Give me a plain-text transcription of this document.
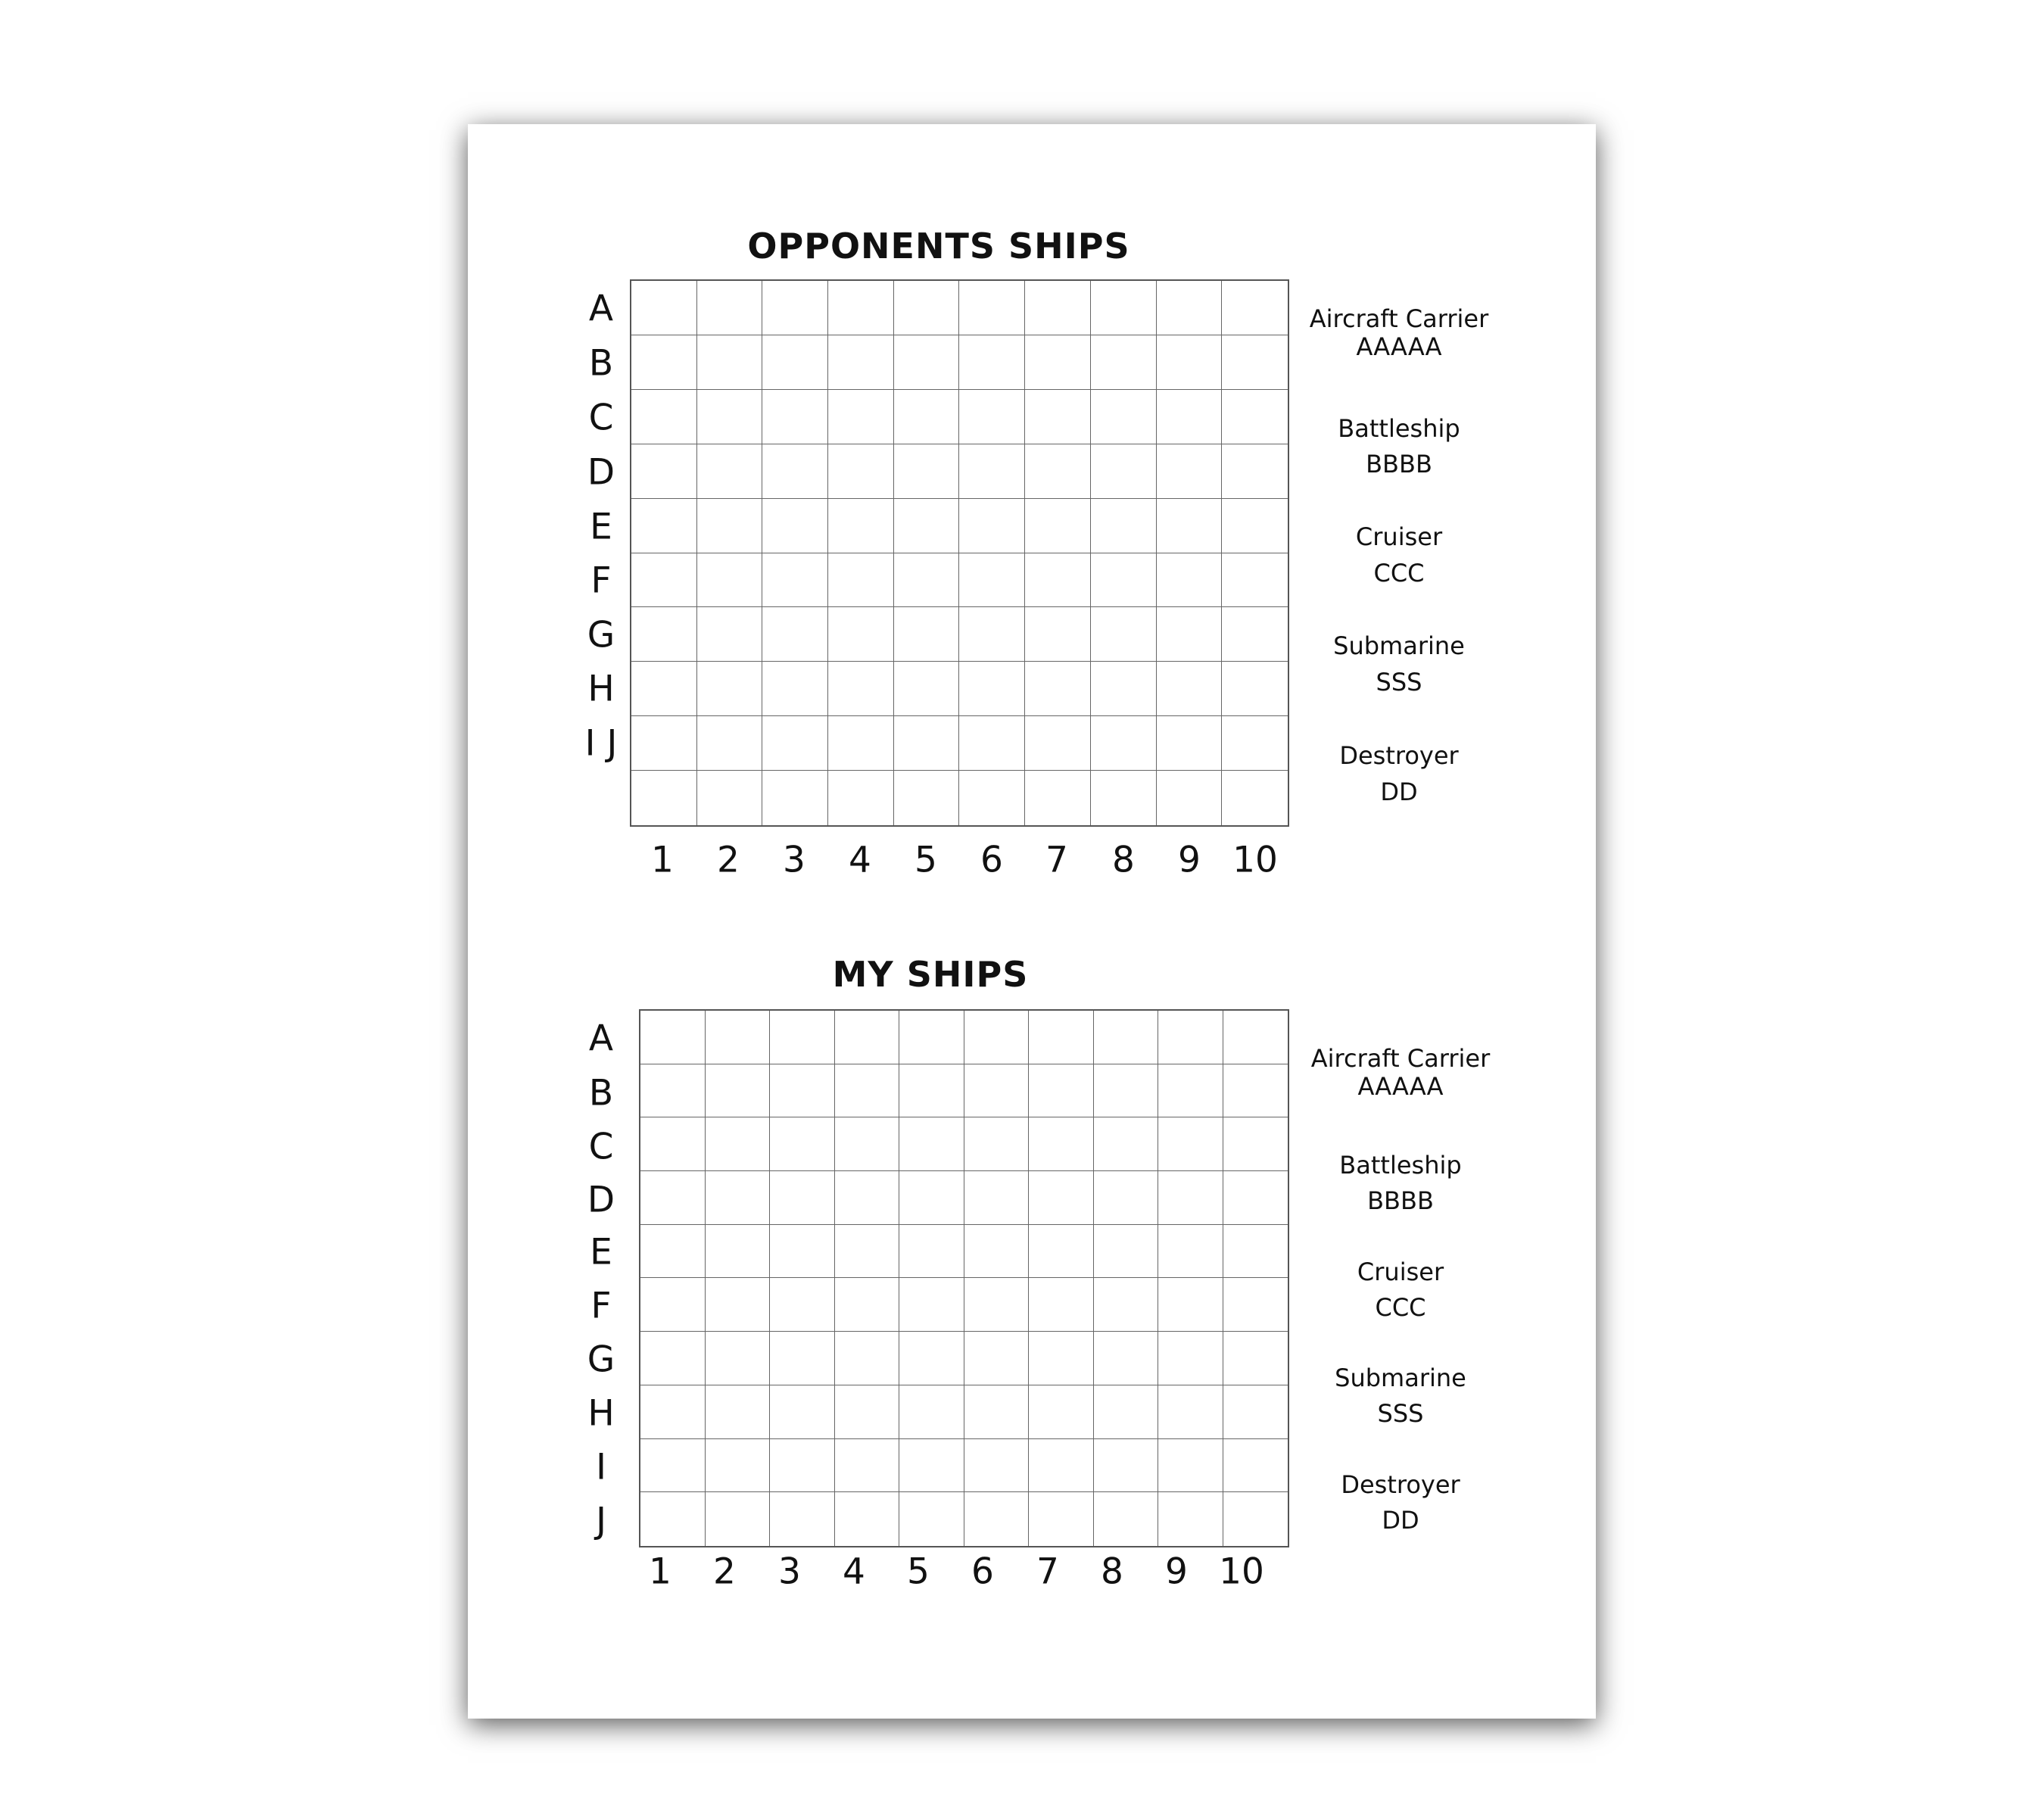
OPPONENTS SHIPS
A
B
C
D
E
F
G
H
I J
1	2	3	4	5	6	7	8	9 10
Aircraft Carrier
AAAAA
Battleship
BBBB
Cruiser
CCC
Submarine
SSS
Destroyer
DD
MY SHIPS
A
B
C
D
E
F
G
H
I
J
1	2	3	4	5	6	7	8	9 10
Aircraft Carrier
AAAAA
Battleship
BBBB
Cruiser
CCC
Submarine
SSS
Destroyer
DD
